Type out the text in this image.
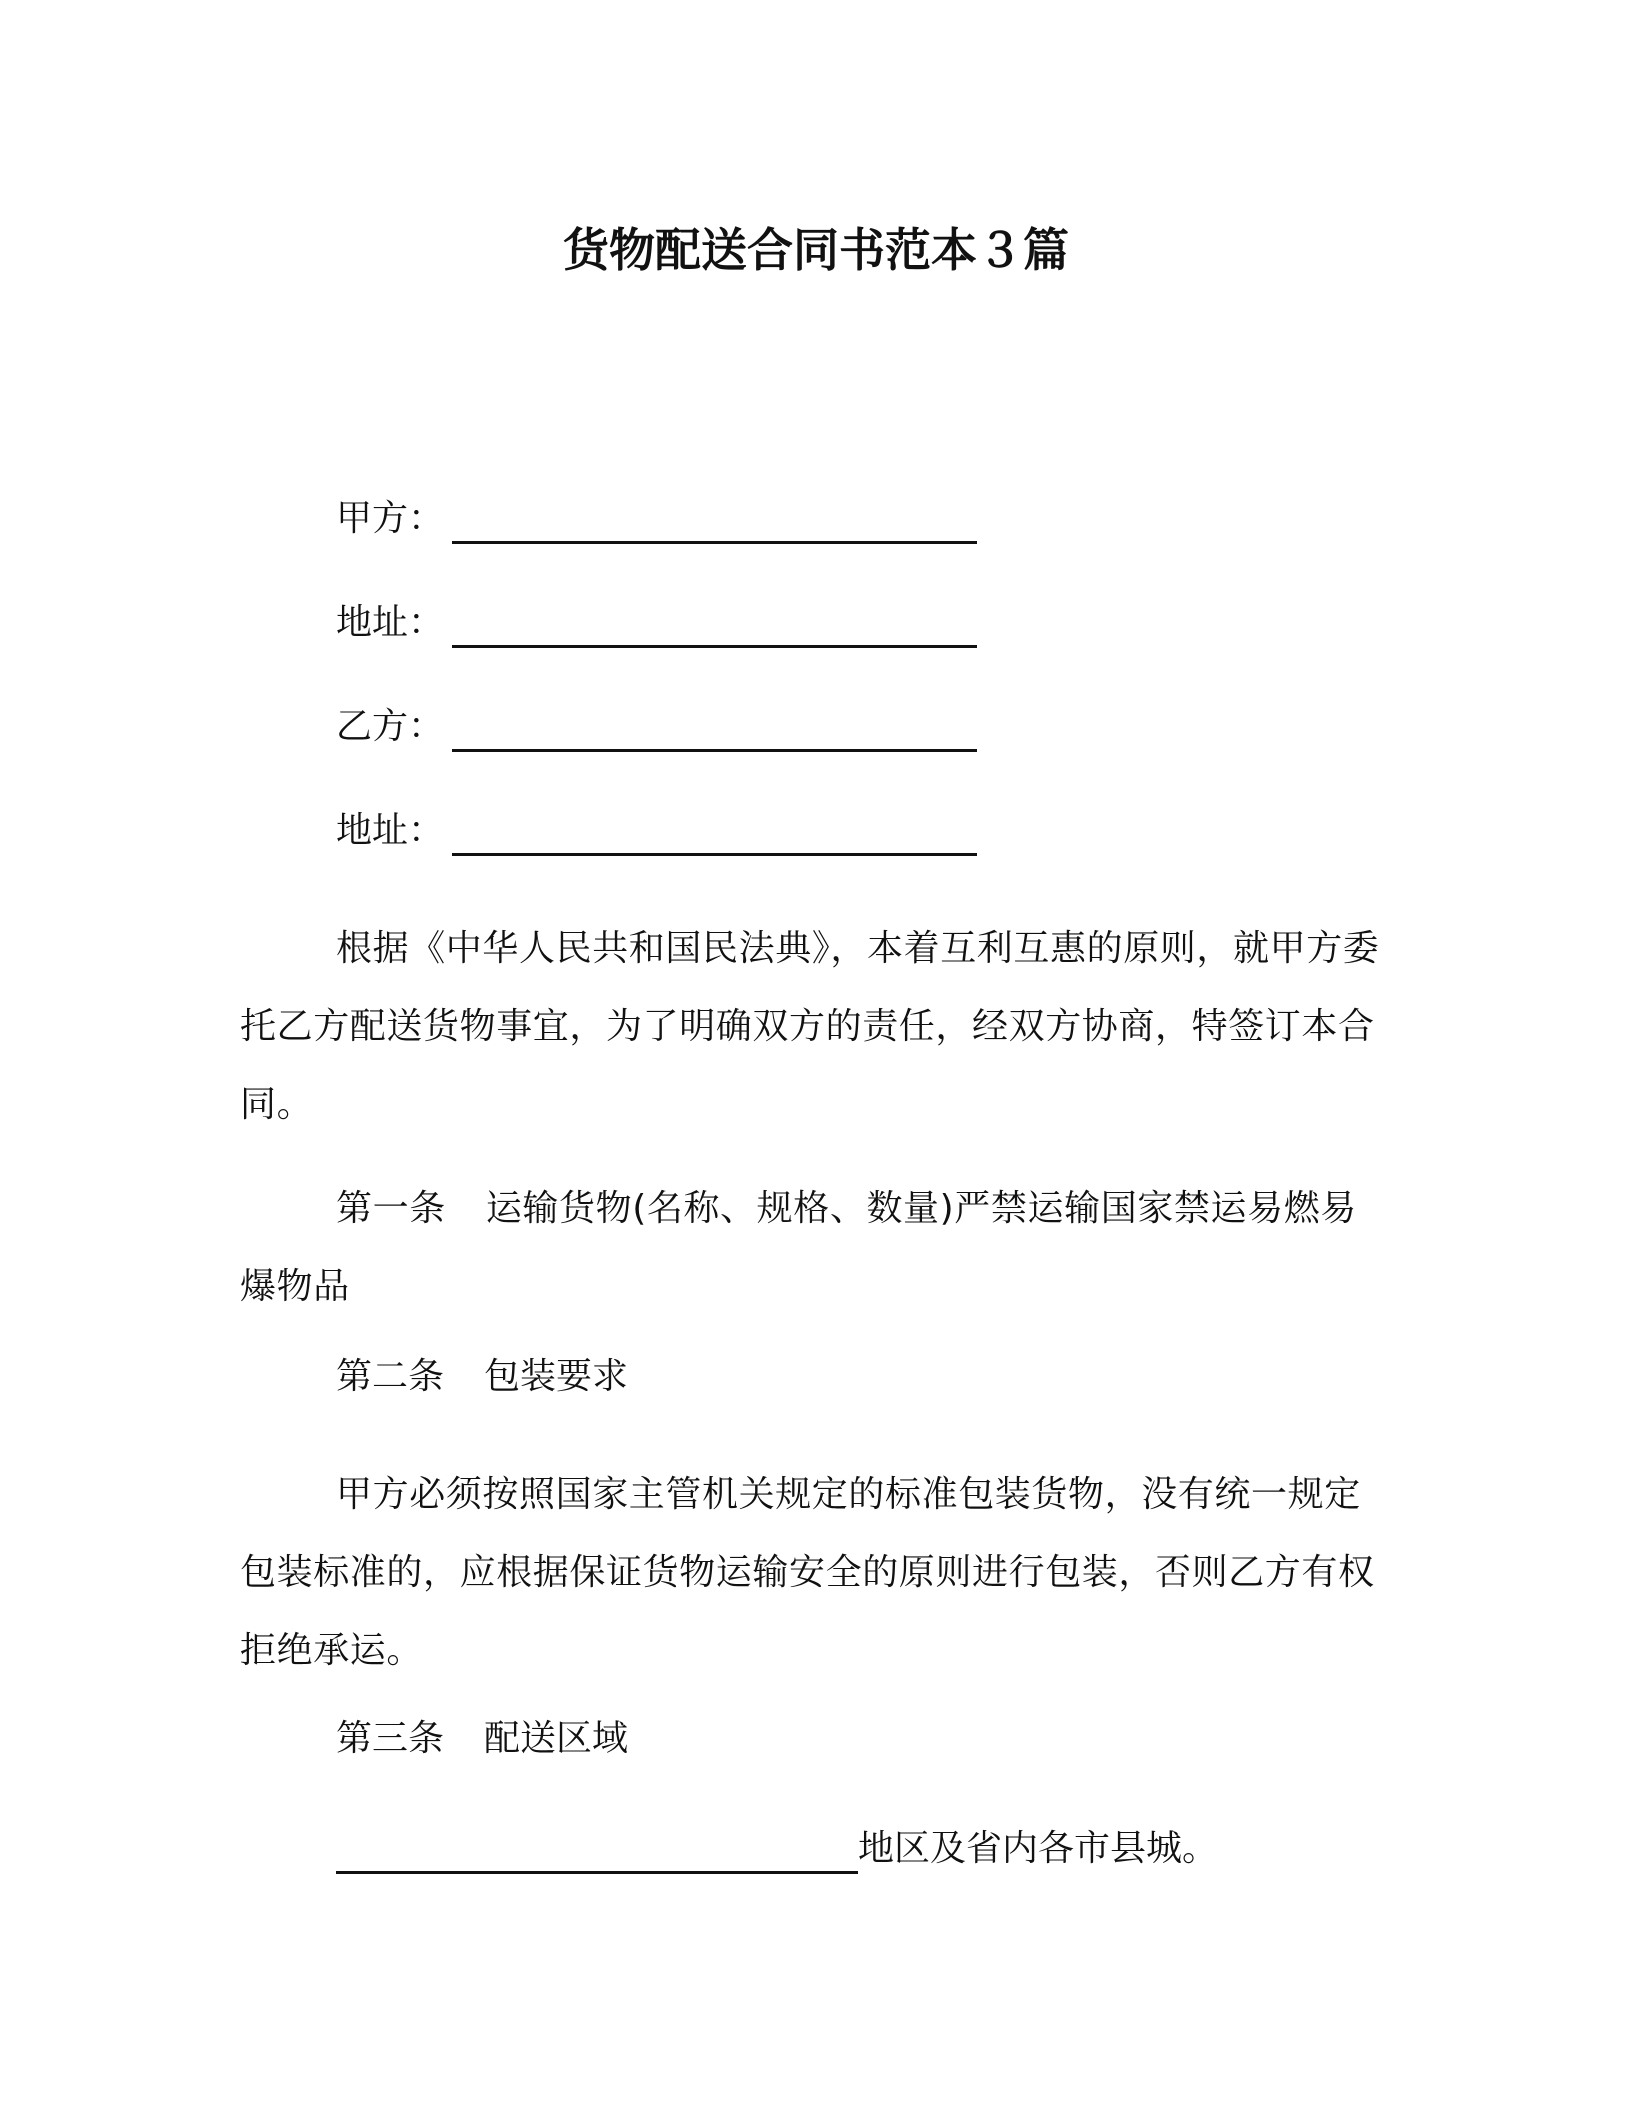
货物配送合同书范本３篇
甲方：
地址：
乙方：
地址：

根据《中华人民共和国民法典》，本着互利互惠的原则，就甲方委托乙方配送货物事宜，为了明确双方的责任，经双方协商，特签订本合同。

第一条 运输货物(名称、规格、数量)严禁运输国家禁运易燃易爆物品

第二条 包装要求

甲方必须按照国家主管机关规定的标准包装货物，没有统一规定包装标准的，应根据保证货物运输安全的原则进行包装，否则乙方有权拒绝承运。

第三条 配送区域
地区及省内各市县城。
